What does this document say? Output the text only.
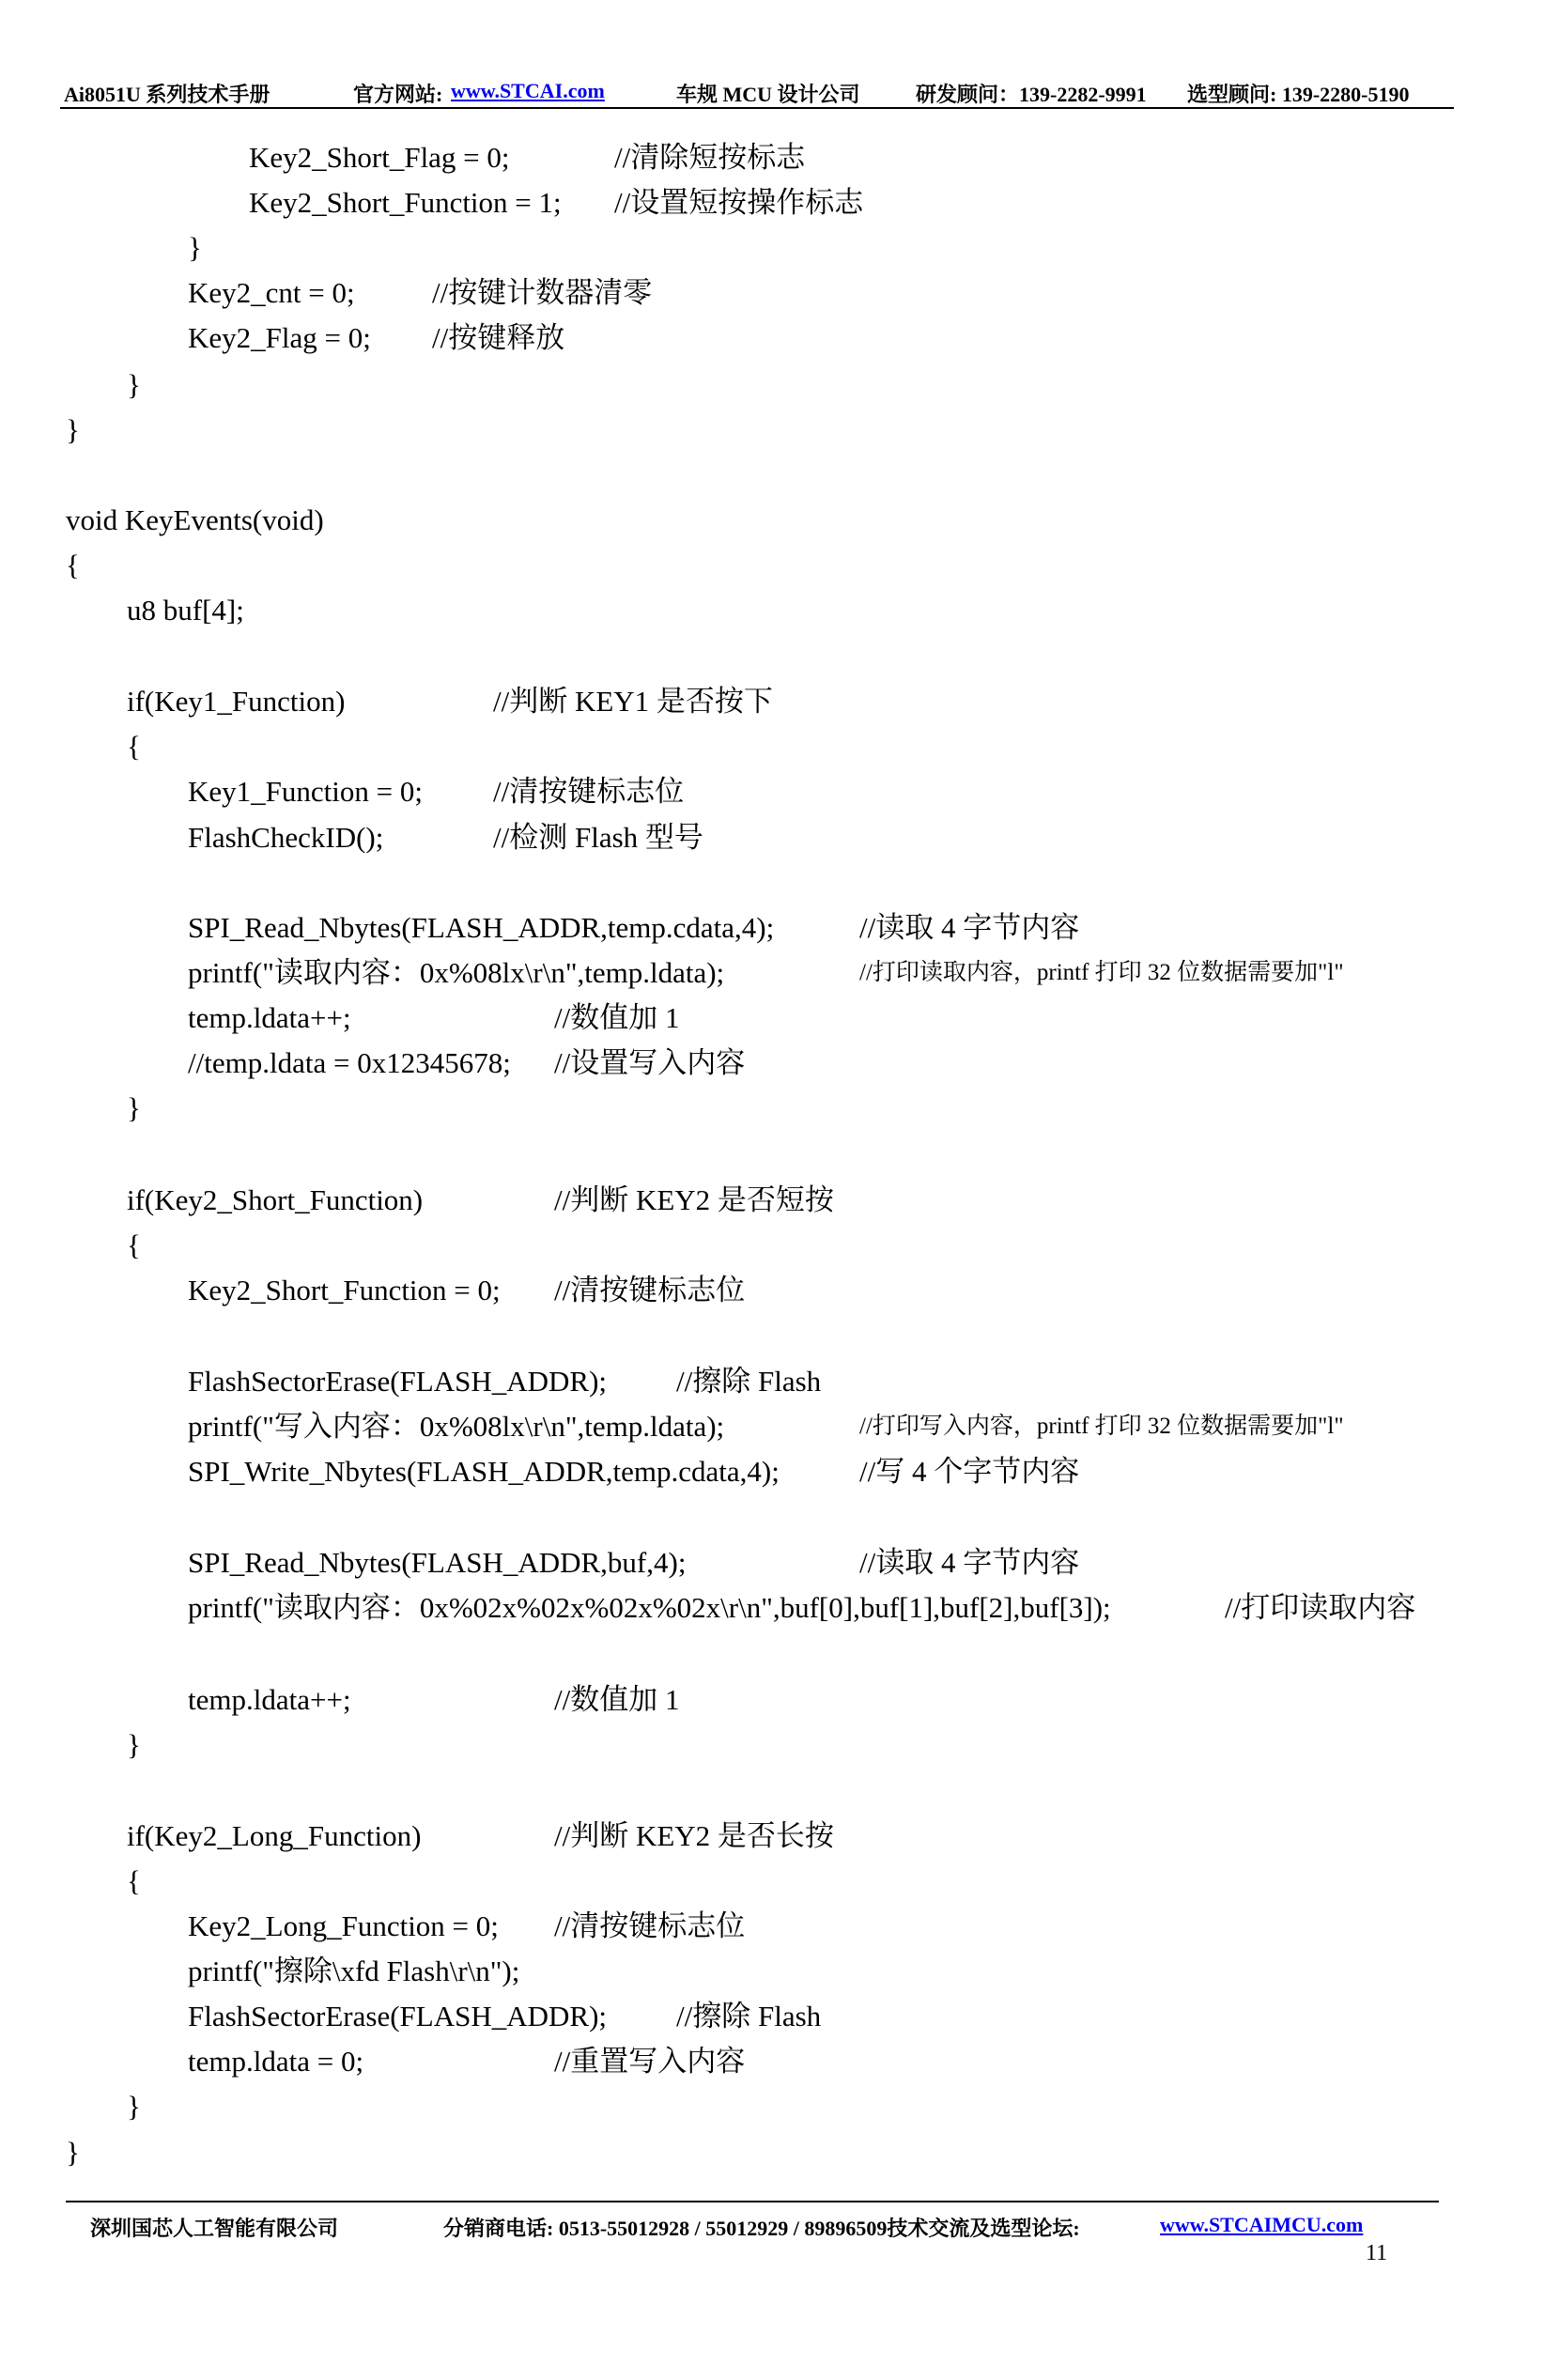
Ai8051U 系列技术手册	官方网站: www.STCAI.com	车规 MCU 设计公司	研发顾问：139-2282-9991 选型顾问: 139-2280-5190
Key2_Short_Flag = 0;	//清除短按标志
Key2_Short_Function = 1; //设置短按操作标志
}
Key2_cnt = 0;	//按键计数器清零
Key2_Flag = 0; //按键释放
}
}
void KeyEvents(void)
{
u8 buf[4];
if(Key1_Function)	//判断 KEY1 是否按下
{
Key1_Function = 0; //清按键标志位
FlashCheckID();	//检测 Flash 型号
SPI_Read_Nbytes(FLASH_ADDR,temp.cdata,4);	//读取 4 字节内容
printf("读取内容：0x%08lx\r\n",temp.ldata);	//打印读取内容，printf 打印 32 位数据需要加"l"
temp.ldata++;	//数值加 1
//temp.ldata = 0x12345678; //设置写入内容
}
if(Key2_Short_Function)	//判断 KEY2 是否短按
{
Key2_Short_Function = 0; //清按键标志位
FlashSectorErase(FLASH_ADDR); //擦除 Flash
printf("写入内容：0x%08lx\r\n",temp.ldata);	//打印写入内容，printf 打印 32 位数据需要加"l"
SPI_Write_Nbytes(FLASH_ADDR,temp.cdata,4);	//写 4 个字节内容
SPI_Read_Nbytes(FLASH_ADDR,buf,4);	//读取 4 字节内容
printf("读取内容：0x%02x%02x%02x%02x\r\n",buf[0],buf[1],buf[2],buf[3]);	//打印读取内容
temp.ldata++;	//数值加 1
}
if(Key2_Long_Function)	//判断 KEY2 是否长按
{
Key2_Long_Function = 0; //清按键标志位
printf("擦除\xfd Flash\r\n");
FlashSectorErase(FLASH_ADDR); //擦除 Flash
temp.ldata = 0;	//重置写入内容
}
}
深圳国芯人工智能有限公司	分销商电话: 0513-55012928 / 55012929 / 89896509技术交流及选型论坛:	www.STCAIMCU.com
11
